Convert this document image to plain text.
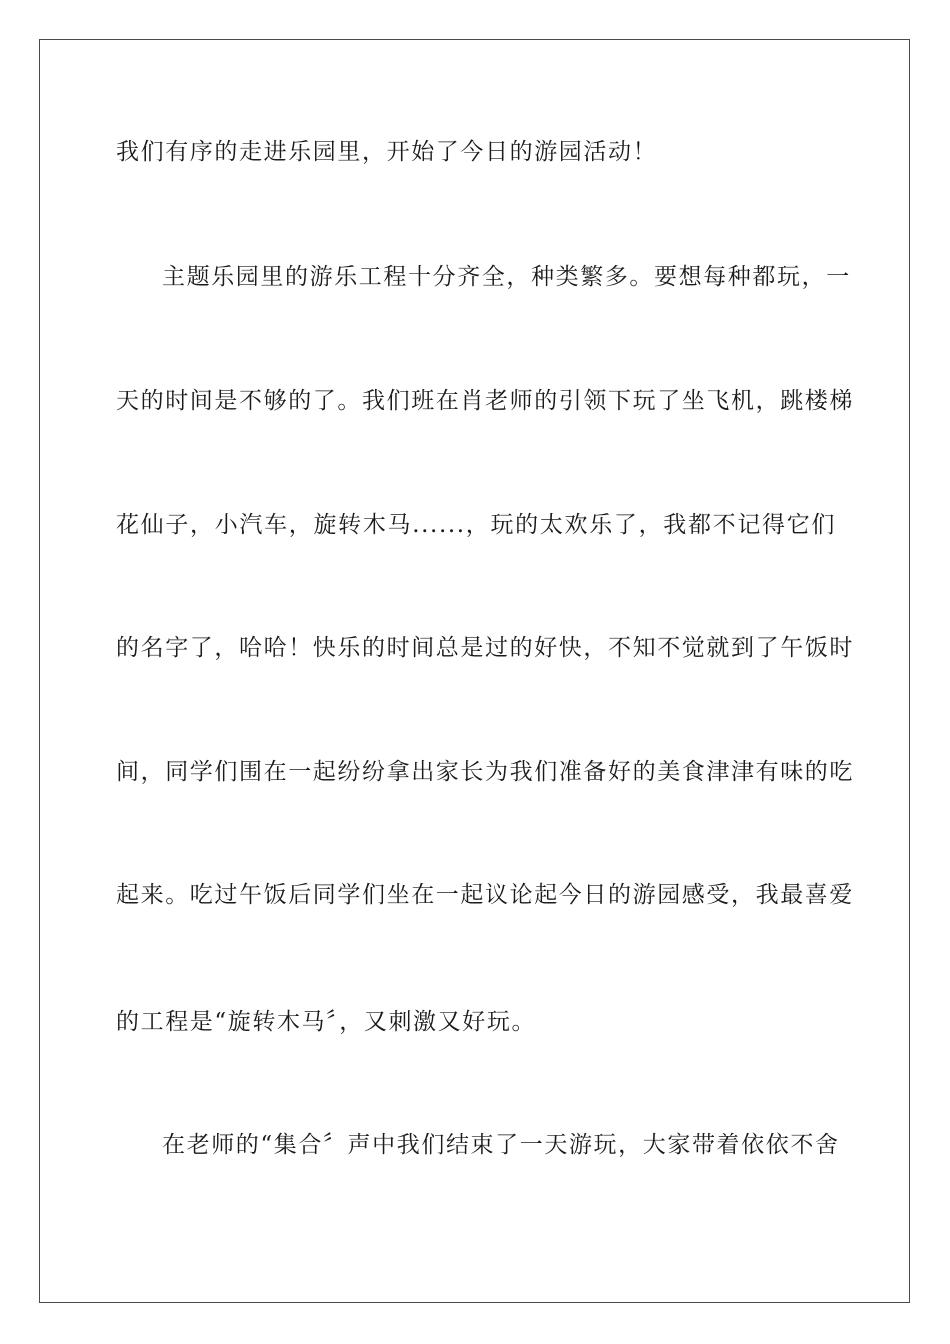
我们有序的走进乐园里，开始了今日的游园活动！
主题乐园里的游乐工程十分齐全，种类繁多。要想每种都玩，一
天的时间是不够的了。我们班在肖老师的引领下玩了坐飞机，跳楼梯
花仙子，小汽车，旋转木马......，玩的太欢乐了，我都不记得它们
的名字了，哈哈！快乐的时间总是过的好快，不知不觉就到了午饭时
间，同学们围在一起纷纷拿出家长为我们准备好的美食津津有味的吃
起来。吃过午饭后同学们坐在一起议论起今日的游园感受，我最喜爱
的工程是“旋转木马〞，又刺激又好玩。
在老师的“集合〞声中我们结束了一天游玩，大家带着依依不舍
